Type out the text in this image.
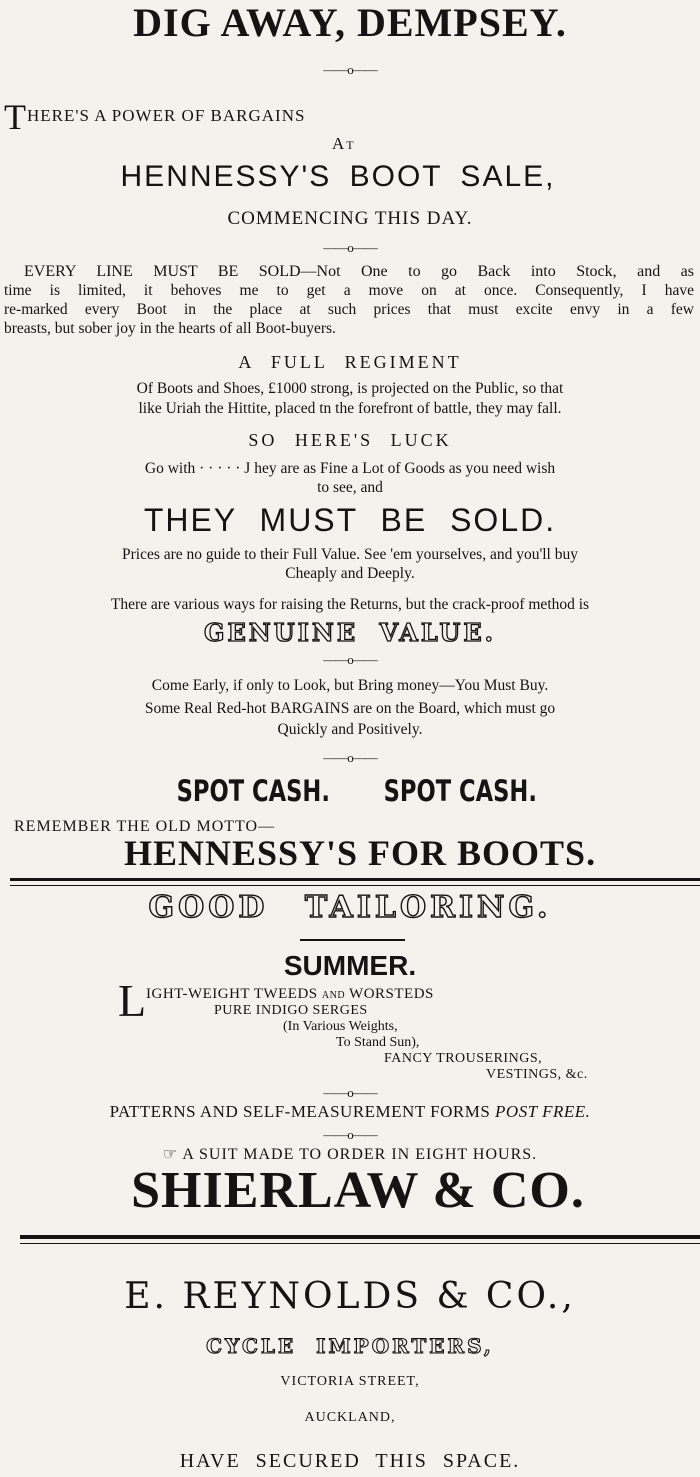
DIG AWAY, DEMPSEY.
——o——
THERE'S A POWER OF BARGAINS
At
HENNESSY'S BOOT SALE,
COMMENCING THIS DAY.
——o——
EVERY LINE MUST BE SOLD—Not One to go Back into Stock, and as
time is limited, it behoves me to get a move on at once. Consequently, I have
re-marked every Boot in the place at such prices that must excite envy in a few
breasts, but sober joy in the hearts of all Boot-buyers.
A FULL REGIMENT
Of Boots and Shoes, £1000 strong, is projected on the Public, so that
like Uriah the Hittite, placed tn the forefront of battle, they may fall.
SO HERE'S LUCK
Go with · · · · · J hey are as Fine a Lot of Goods as you need wish
to see, and
THEY MUST BE SOLD.
Prices are no guide to their Full Value. See 'em yourselves, and you'll buy
Cheaply and Deeply.
There are various ways for raising the Returns, but the crack-proof method is
GENUINE VALUE.
——o——
Come Early, if only to Look, but Bring money—You Must Buy.
Some Real Red-hot BARGAINS are on the Board, which must go
Quickly and Positively.
——o——
SPOT CASH.	SPOT CASH.
REMEMBER THE OLD MOTTO—
HENNESSY'S FOR BOOTS.
GOOD TAILORING.
SUMMER.
L IGHT-WEIGHT TWEEDS AND WORSTEDS
PURE INDIGO SERGES
(In Various Weights,
To Stand Sun),
FANCY TROUSERINGS,
VESTINGS, &c.
——o——
PATTERNS AND SELF-MEASUREMENT FORMS POST FREE.
——o——
☞ A SUIT MADE TO ORDER IN EIGHT HOURS.
SHIERLAW & CO.
E. REYNOLDS & CO.,
CYCLE IMPORTERS,
VICTORIA STREET,
AUCKLAND,
HAVE SECURED THIS SPACE.
